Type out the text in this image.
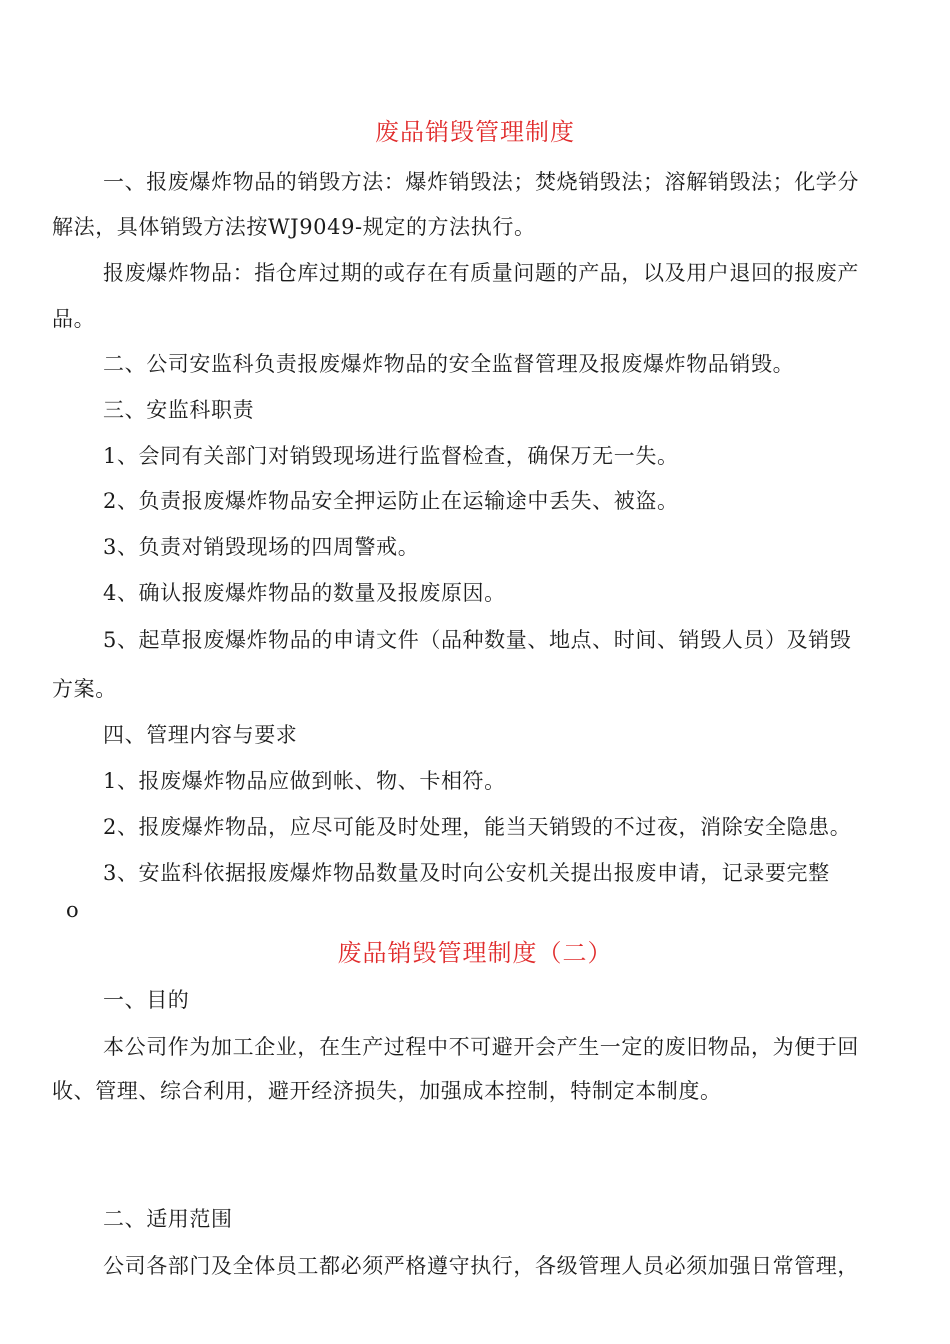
废品销毁管理制度
一、报废爆炸物品的销毁方法：爆炸销毁法；焚烧销毁法；溶解销毁法；化学分
解法，具体销毁方法按WJ9049-规定的方法执行。
报废爆炸物品：指仓库过期的或存在有质量问题的产品，以及用户退回的报废产
品。
二、公司安监科负责报废爆炸物品的安全监督管理及报废爆炸物品销毁。
三、安监科职责
1、会同有关部门对销毁现场进行监督检查，确保万无一失。
2、负责报废爆炸物品安全押运防止在运输途中丢失、被盗。
3、负责对销毁现场的四周警戒。
4、确认报废爆炸物品的数量及报废原因。
5、起草报废爆炸物品的申请文件（品种数量、地点、时间、销毁人员）及销毁
方案。
四、管理内容与要求
1、报废爆炸物品应做到帐、物、卡相符。
2、报废爆炸物品，应尽可能及时处理，能当天销毁的不过夜，消除安全隐患。
3、安监科依据报废爆炸物品数量及时向公安机关提出报废申请，记录要完整
o
废品销毁管理制度（二）
一、目的
本公司作为加工企业，在生产过程中不可避开会产生一定的废旧物品，为便于回
收、管理、综合利用，避开经济损失，加强成本控制，特制定本制度。
二、适用范围
公司各部门及全体员工都必须严格遵守执行，各级管理人员必须加强日常管理，
